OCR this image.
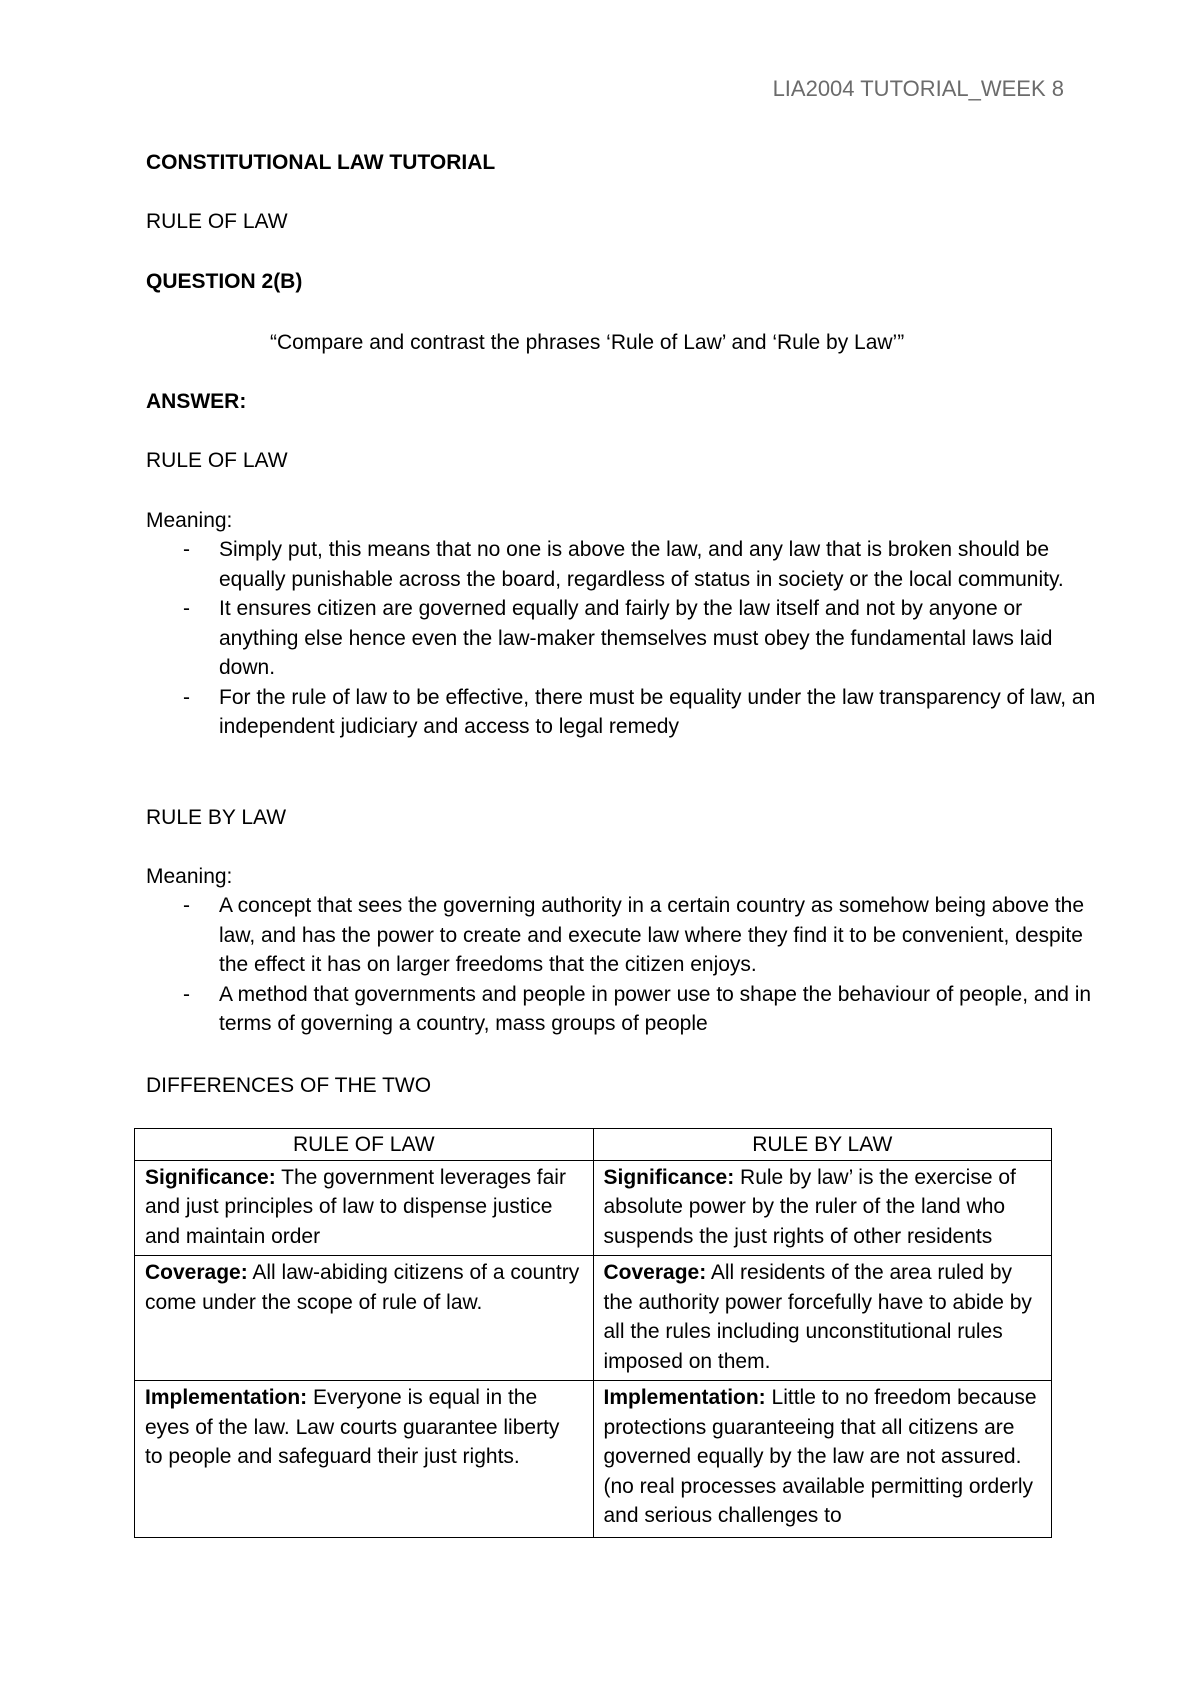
LIA2004 TUTORIAL_WEEK 8
CONSTITUTIONAL LAW TUTORIAL
RULE OF LAW
QUESTION 2(B)
“Compare and contrast the phrases ‘Rule of Law’ and ‘Rule by Law’”
ANSWER:
RULE OF LAW
Meaning:
- Simply put, this means that no one is above the law, and any law that is broken should be equally punishable across the board, regardless of status in society or the local community.
- It ensures citizen are governed equally and fairly by the law itself and not by anyone or anything else hence even the law-maker themselves must obey the fundamental laws laid down.
- For the rule of law to be effective, there must be equality under the law transparency of law, an independent judiciary and access to legal remedy
RULE BY LAW
Meaning:
- A concept that sees the governing authority in a certain country as somehow being above the law, and has the power to create and execute law where they find it to be convenient, despite the effect it has on larger freedoms that the citizen enjoys.
- A method that governments and people in power use to shape the behaviour of people, and in terms of governing a country, mass groups of people
DIFFERENCES OF THE TWO
RULE OF LAW	RULE BY LAW
Significance: The government leverages fair and just principles of law to dispense justice and maintain order	Significance: Rule by law’ is the exercise of absolute power by the ruler of the land who suspends the just rights of other residents
Coverage: All law-abiding citizens of a country come under the scope of rule of law.	Coverage: All residents of the area ruled by the authority power forcefully have to abide by all the rules including unconstitutional rules imposed on them.

Implementation: Everyone is equal in the eyes of the law. Law courts guarantee liberty to people and safeguard their just rights.	Implementation: Little to no freedom because protections guaranteeing that all citizens are governed equally by the law are not assured. (no real processes available permitting orderly and serious challenges to
